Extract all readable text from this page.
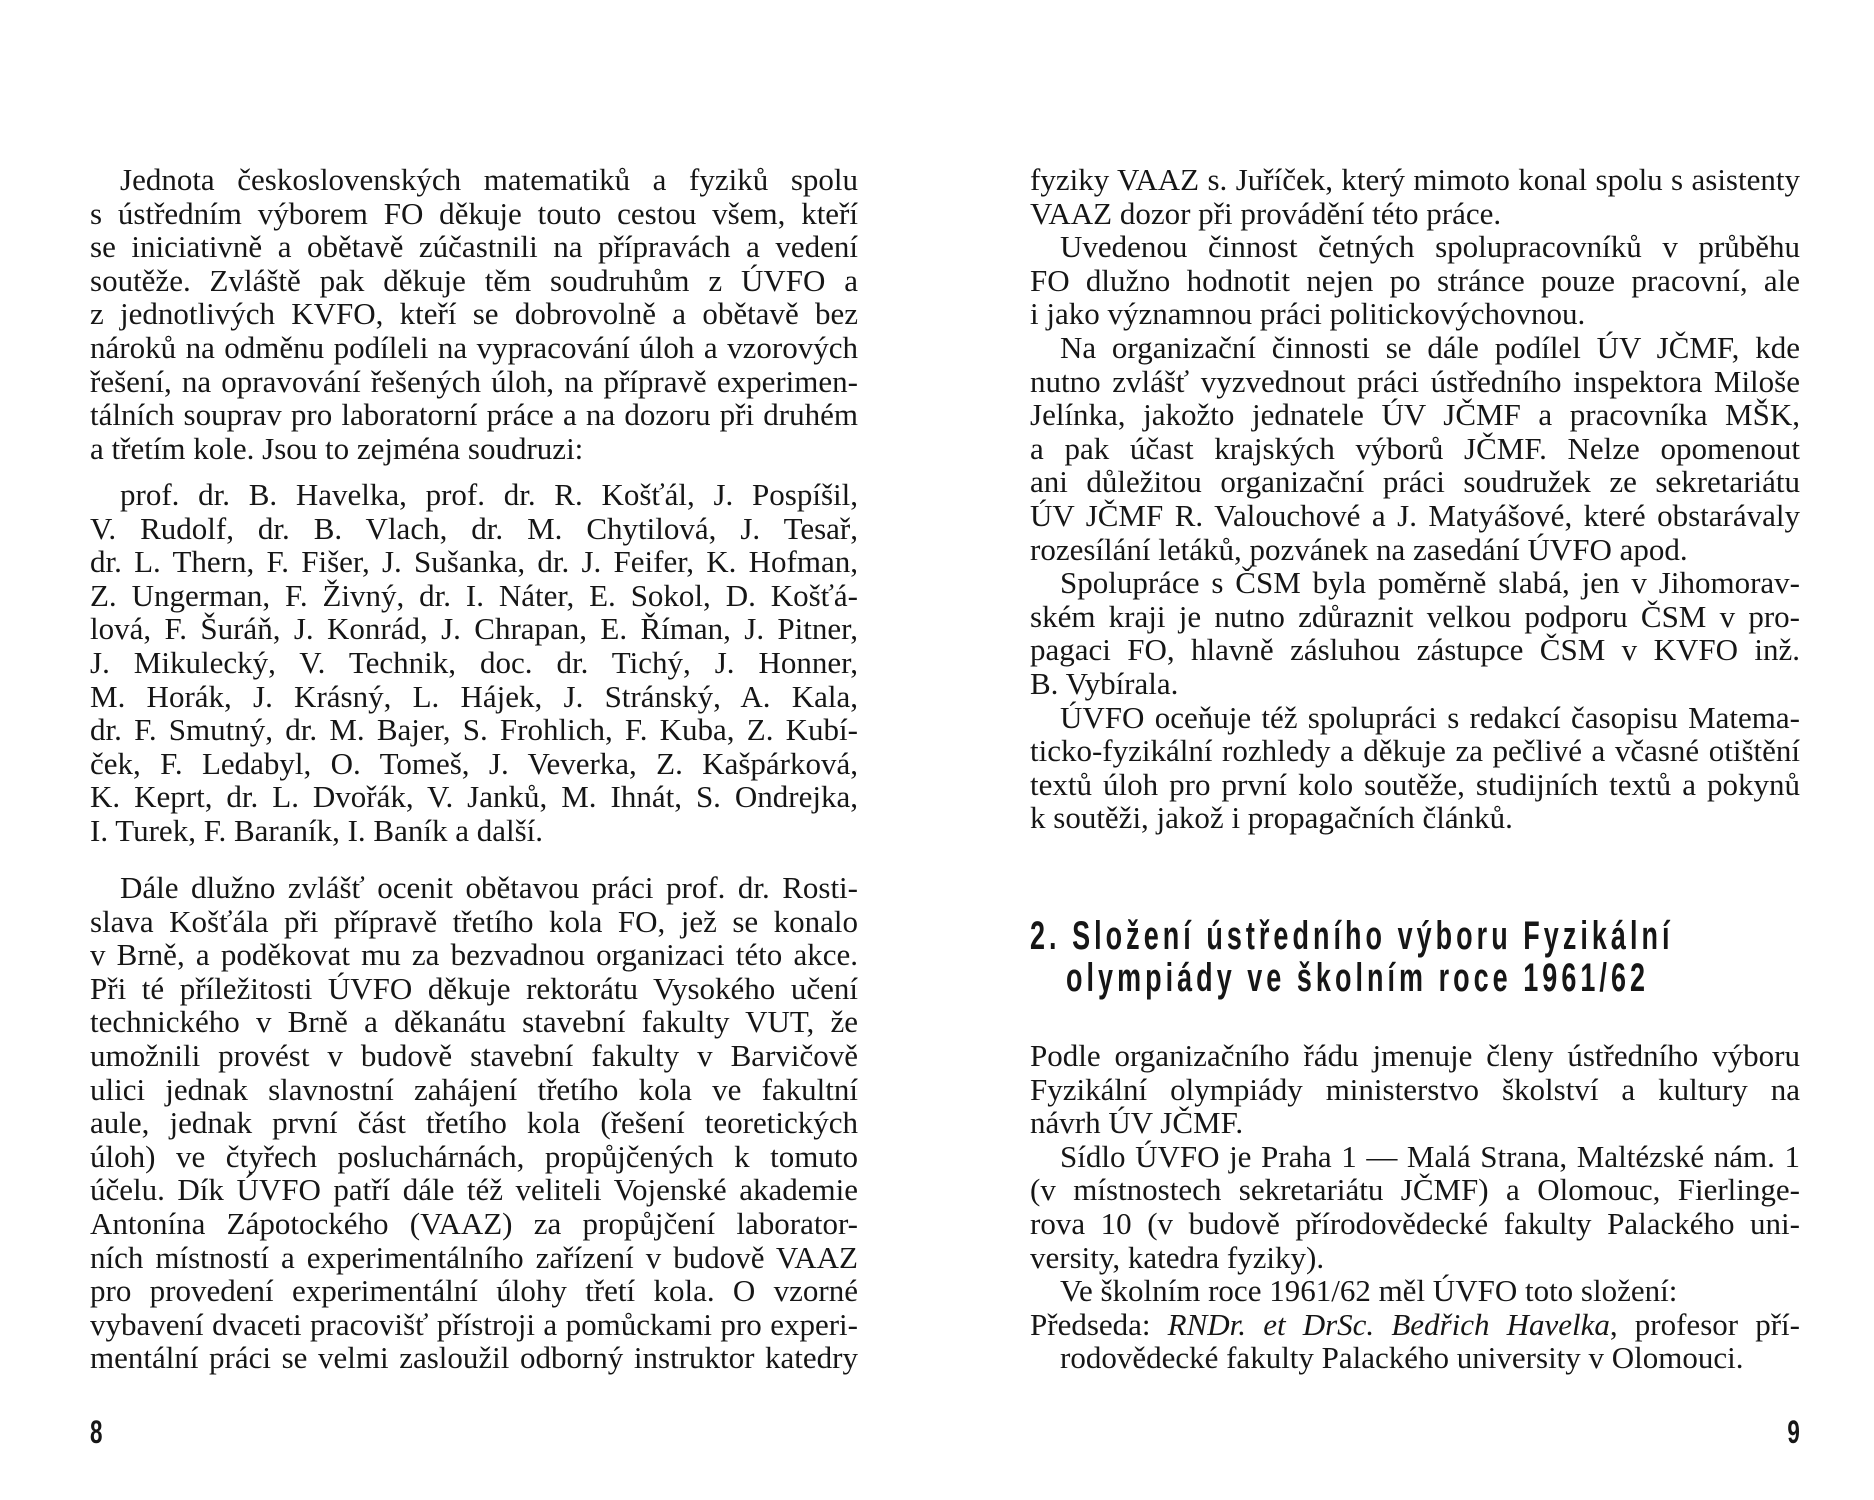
Jednota československých matematiků a fyziků spolu
s ústředním výborem FO děkuje touto cestou všem, kteří
se iniciativně a obětavě zúčastnili na přípravách a vedení
soutěže. Zvláště pak děkuje těm soudruhům z ÚVFO a
z jednotlivých KVFO, kteří se dobrovolně a obětavě bez
nároků na odměnu podíleli na vypracování úloh a vzorových
řešení, na opravování řešených úloh, na přípravě experimen-
tálních souprav pro laboratorní práce a na dozoru při druhém
a třetím kole. Jsou to zejména soudruzi:
prof. dr. B. Havelka, prof. dr. R. Košťál, J. Pospíšil,
V. Rudolf, dr. B. Vlach, dr. M. Chytilová, J. Tesař,
dr. L. Thern, F. Fišer, J. Sušanka, dr. J. Feifer, K. Hofman,
Z. Ungerman, F. Živný, dr. I. Náter, E. Sokol, D. Košťá-
lová, F. Šuráň, J. Konrád, J. Chrapan, E. Říman, J. Pitner,
J. Mikulecký, V. Technik, doc. dr. Tichý, J. Honner,
M. Horák, J. Krásný, L. Hájek, J. Stránský, A. Kala,
dr. F. Smutný, dr. M. Bajer, S. Frohlich, F. Kuba, Z. Kubí-
ček, F. Ledabyl, O. Tomeš, J. Veverka, Z. Kašpárková,
K. Keprt, dr. L. Dvořák, V. Janků, M. Ihnát, S. Ondrejka,
I. Turek, F. Baraník, I. Baník a další.
Dále dlužno zvlášť ocenit obětavou práci prof. dr. Rosti-
slava Košťála při přípravě třetího kola FO, jež se konalo
v Brně, a poděkovat mu za bezvadnou organizaci této akce.
Při té příležitosti ÚVFO děkuje rektorátu Vysokého učení
technického v Brně a děkanátu stavební fakulty VUT, že
umožnili provést v budově stavební fakulty v Barvičově
ulici jednak slavnostní zahájení třetího kola ve fakultní
aule, jednak první část třetího kola (řešení teoretických
úloh) ve čtyřech posluchárnách, propůjčených k tomuto
účelu. Dík ÚVFO patří dále též veliteli Vojenské akademie
Antonína Zápotockého (VAAZ) za propůjčení laborator-
ních místností a experimentálního zařízení v budově VAAZ
pro provedení experimentální úlohy třetí kola. O vzorné
vybavení dvaceti pracovišť přístroji a pomůckami pro experi-
mentální práci se velmi zasloužil odborný instruktor katedry
8
fyziky VAAZ s. Juříček, který mimoto konal spolu s asistenty
VAAZ dozor při provádění této práce.
Uvedenou činnost četných spolupracovníků v průběhu
FO dlužno hodnotit nejen po stránce pouze pracovní, ale
i jako významnou práci politickovýchovnou.
Na organizační činnosti se dále podílel ÚV JČMF, kde
nutno zvlášť vyzvednout práci ústředního inspektora Miloše
Jelínka, jakožto jednatele ÚV JČMF a pracovníka MŠK,
a pak účast krajských výborů JČMF. Nelze opomenout
ani důležitou organizační práci soudružek ze sekretariátu
ÚV JČMF R. Valouchové a J. Matyášové, které obstarávaly
rozesílání letáků, pozvánek na zasedání ÚVFO apod.
Spolupráce s ČSM byla poměrně slabá, jen v Jihomorav-
ském kraji je nutno zdůraznit velkou podporu ČSM v pro-
pagaci FO, hlavně zásluhou zástupce ČSM v KVFO inž.
B. Vybírala.
ÚVFO oceňuje též spolupráci s redakcí časopisu Matema-
ticko-fyzikální rozhledy a děkuje za pečlivé a včasné otištění
textů úloh pro první kolo soutěže, studijních textů a pokynů
k soutěži, jakož i propagačních článků.
2. Složení ústředního výboru Fyzikální
olympiády ve školním roce 1961/62
Podle organizačního řádu jmenuje členy ústředního výboru
Fyzikální olympiády ministerstvo školství a kultury na
návrh ÚV JČMF.
Sídlo ÚVFO je Praha 1 — Malá Strana, Maltézské nám. 1
(v místnostech sekretariátu JČMF) a Olomouc, Fierlinge-
rova 10 (v budově přírodovědecké fakulty Palackého uni-
versity, katedra fyziky).
Ve školním roce 1961/62 měl ÚVFO toto složení:
Předseda: RNDr. et DrSc. Bedřich Havelka, profesor pří-
rodovědecké fakulty Palackého university v Olomouci.
9
